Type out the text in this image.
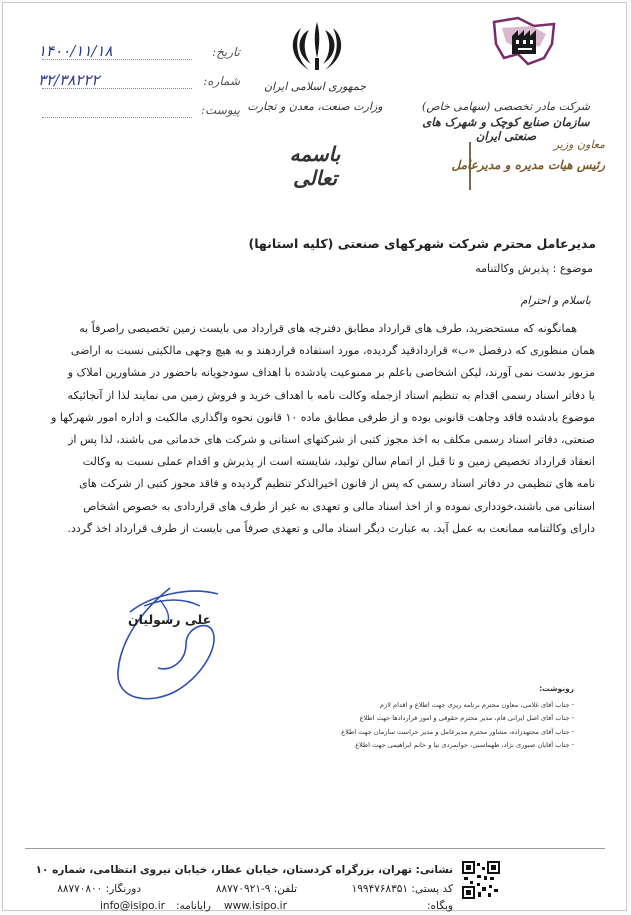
تاریخ:
۱۴۰۰/۱۱/۱۸
شماره:
۳۲/۳۸۲۲۲
پیوست:
جمهوری اسلامی ایران
وزارت صنعت، معدن و تجارت
باسمه تعالی
شرکت مادر تخصصی (سهامی خاص)
سازمان صنایع کوچک و شهرک های صنعتی ایران
معاون وزیر
رئیس هیات مدیره و مدیرعامل
مدیرعامل محترم شرکت شهرکهای صنعتی (کلیه استانها)
موضوع : پذیرش وکالتنامه
باسلام و احترام
همانگونه که مستحضرید، طرف های قرارداد مطابق دفترچه های قرارداد می بایست زمین تخصیصی راصرفاً به
همان منظوری که درفصل «ب» قراردادقید گردیده، مورد استفاده قراردهند و به هیچ وجهی مالکیتی نسبت به اراضی
مزبور بدست نمی آورند، لیکن اشخاصی باعلم بر ممنوعیت یادشده با اهداف سودجویانه باحضور در مشاورین املاک و
یا دفاتر اسناد رسمی اقدام به تنظیم اسناد ازجمله وکالت نامه با اهداف خرید و فروش زمین می نمایند لذا از آنجائیکه
موضوع یادشده فاقد وجاهت قانونی بوده و از طرفی مطابق ماده ۱۰ قانون نحوه واگذاری مالکیت و اداره امور شهرکها و
صنعتی، دفاتر اسناد رسمی مکلف به اخذ مجوز کتبی از شرکتهای استانی و شرکت های خدماتی می باشند، لذا پس از
انعقاد قرارداد تخصیص زمین و تا قبل از اتمام سالن تولید، شایسته است از پذیرش و اقدام عملی نسبت به وکالت
نامه های تنظیمی در دفاتر اسناد رسمی که پس از قانون اخیرالذکر تنظیم گردیده و فاقد مجوز کتبی از شرکت های
استانی می باشند،خودداری نموده و از اخذ اسناد مالی و تعهدی به غیر از طرف های قراردادی به خصوص اشخاص
دارای وکالتنامه ممانعت به عمل آید. به عبارت دیگر اسناد مالی و تعهدی صرفاً می بایست از طرف قرارداد اخذ گردد.
علی رسولیان
رونوشت:
- جناب آقای غلامی، معاون محترم برنامه ریزی جهت اطلاع و اقدام لازم
- جناب آقای اصل ایرانی فام، مدیر محترم حقوقی و امور قراردادها جهت اطلاع
- جناب آقای مجتهدزاده، مشاور محترم مدیرعامل و مدیر حراست سازمان جهت اطلاع
- جناب آقایان صبوری نژاد، طهماسبی، جوانمردی نیا و خانم ابراهیمی جهت اطلاع
نشانی: تهران، بزرگراه کردستان، خیابان عطار، خیابان نیروی انتظامی، شماره ۱۰
کد پستی: ۱۹۹۴۷۶۸۳۵۱
تلفن: ۹-۸۸۷۷۰۹۲۱
دورنگار: ۸۸۷۷۰۸۰۰
وبگاه:
www.isipo.ir
رایانامه:
info@isipo.ir
